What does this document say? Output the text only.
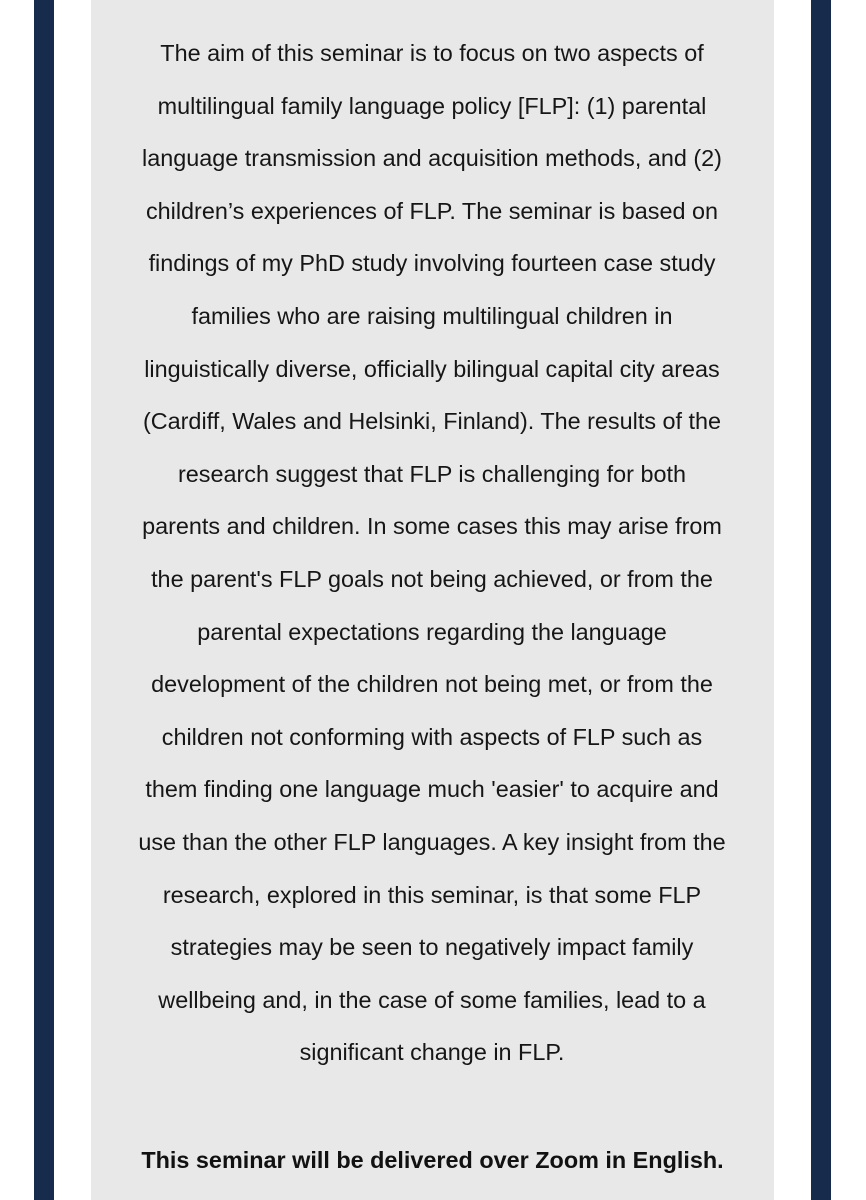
The aim of this seminar is to focus on two aspects of
multilingual family language policy [FLP]: (1) parental
language transmission and acquisition methods, and (2)
children’s experiences of FLP. The seminar is based on
findings of my PhD study involving fourteen case study
families who are raising multilingual children in
linguistically diverse, officially bilingual capital city areas
(Cardiff, Wales and Helsinki, Finland). The results of the
research suggest that FLP is challenging for both
parents and children. In some cases this may arise from
the parent's FLP goals not being achieved, or from the
parental expectations regarding the language
development of the children not being met, or from the
children not conforming with aspects of FLP such as
them finding one language much 'easier' to acquire and
use than the other FLP languages. A key insight from the
research, explored in this seminar, is that some FLP
strategies may be seen to negatively impact family
wellbeing and, in the case of some families, lead to a
significant change in FLP.

This seminar will be delivered over Zoom in English.
